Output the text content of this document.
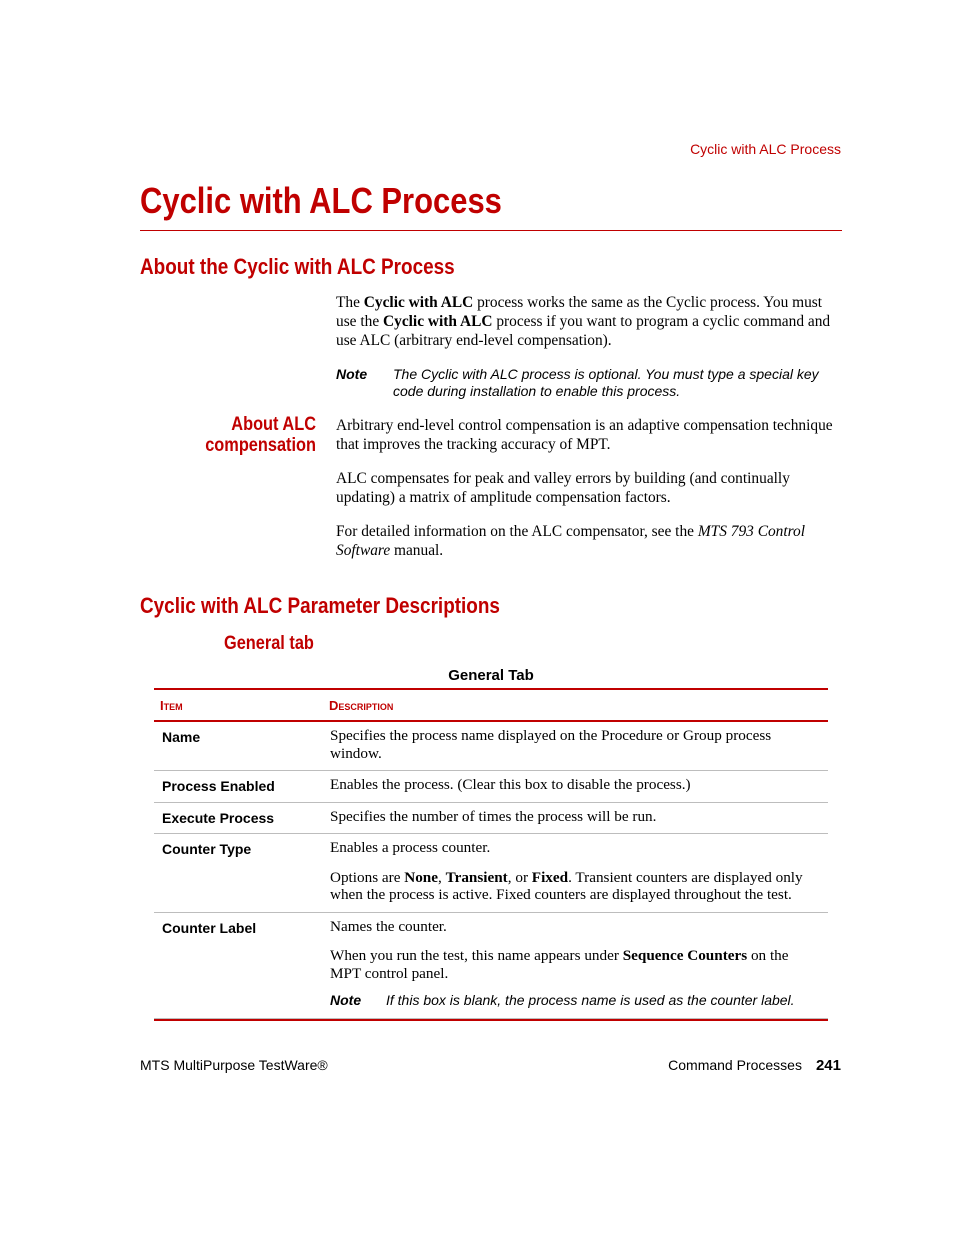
Cyclic with ALC Process
Cyclic with ALC Process
About the Cyclic with ALC Process
The Cyclic with ALC process works the same as the Cyclic process. You must use the Cyclic with ALC process if you want to program a cyclic command and use ALC (arbitrary end-level compensation).
Note The Cyclic with ALC process is optional. You must type a special key code during installation to enable this process.
About ALC
compensation
Arbitrary end-level control compensation is an adaptive compensation technique that improves the tracking accuracy of MPT.
ALC compensates for peak and valley errors by building (and continually updating) a matrix of amplitude compensation factors.
For detailed information on the ALC compensator, see the MTS 793 Control Software manual.
Cyclic with ALC Parameter Descriptions
General tab
General Tab
Item	Description
Name	Specifies the process name displayed on the Procedure or Group process window.

Process Enabled	Enables the process. (Clear this box to disable the process.)

Execute Process	Specifies the number of times the process will be run.

Counter Type	Enables a process counter.

Options are None, Transient, or Fixed. Transient counters are displayed only when the process is active. Fixed counters are displayed throughout the test.

Counter Label	Names the counter.

When you run the test, this name appears under Sequence Counters on the MPT control panel.

Note If this box is blank, the process name is used as the counter label.
MTS MultiPurpose TestWare®	Command Processes 241
